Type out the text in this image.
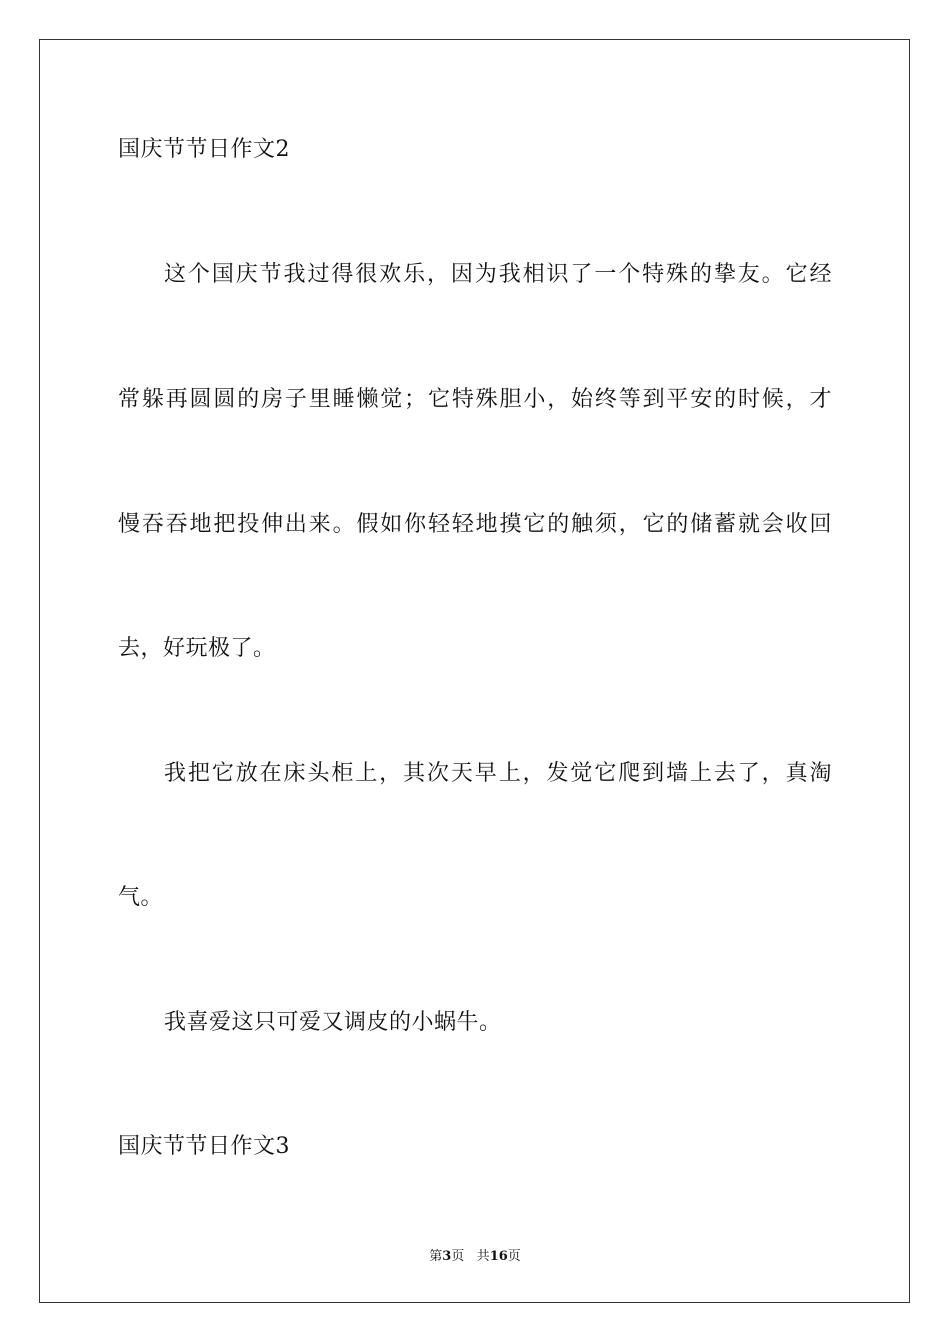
国庆节节日作文2
这个国庆节我过得很欢乐，因为我相识了一个特殊的挚友。它经
常躲再圆圆的房子里睡懒觉；它特殊胆小，始终等到平安的时候，才
慢吞吞地把投伸出来。假如你轻轻地摸它的触须，它的储蓄就会收回
去，好玩极了。
我把它放在床头柜上，其次天早上，发觉它爬到墙上去了，真淘
气。
我喜爱这只可爱又调皮的小蜗牛。
国庆节节日作文3
第3页 共16页
